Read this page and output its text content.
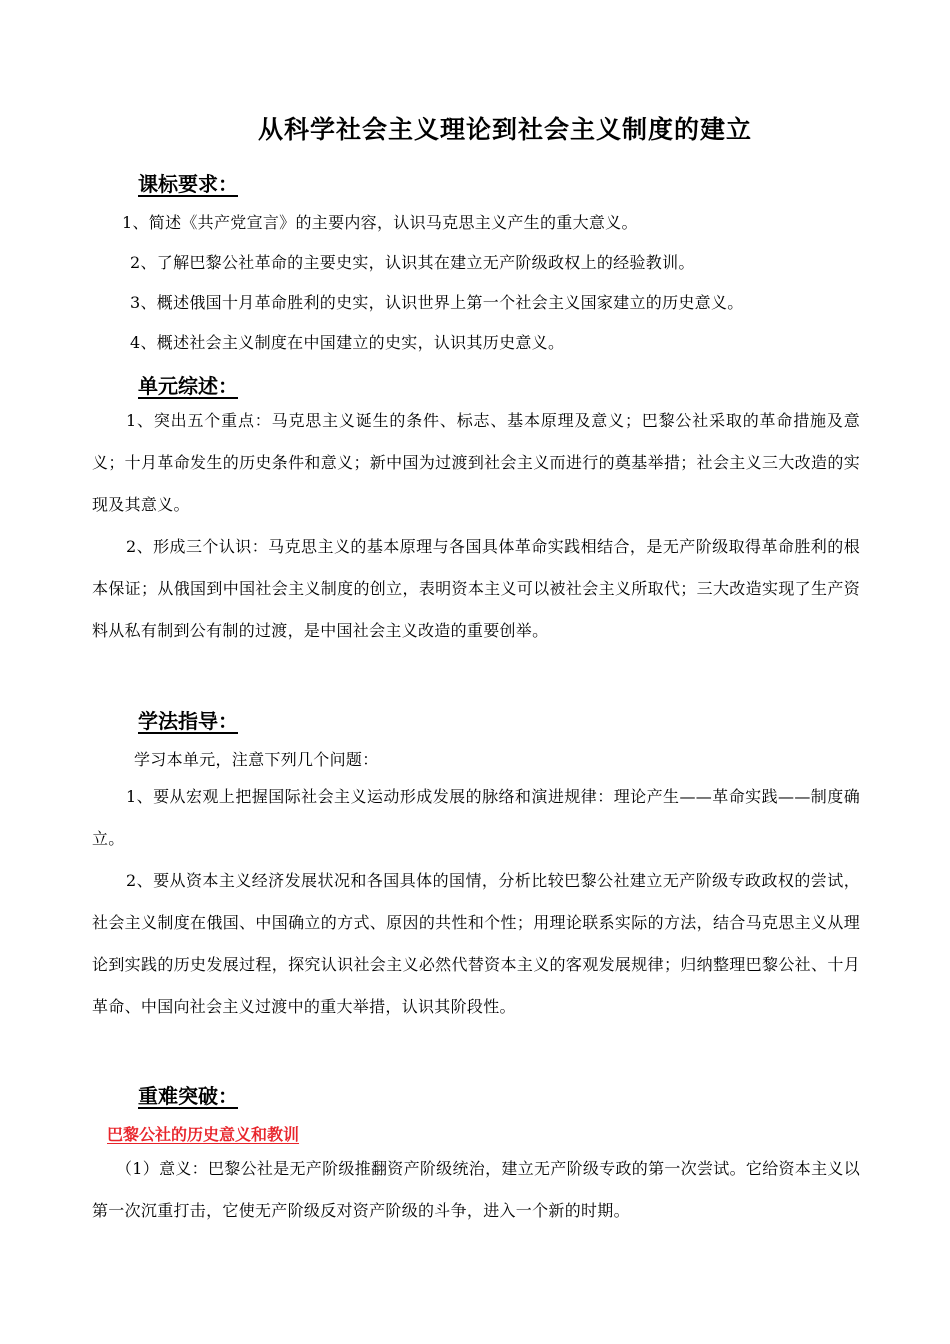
从科学社会主义理论到社会主义制度的建立
课标要求：
1、简述《共产党宣言》的主要内容，认识马克思主义产生的重大意义。
2、了解巴黎公社革命的主要史实，认识其在建立无产阶级政权上的经验教训。
3、概述俄国十月革命胜利的史实，认识世界上第一个社会主义国家建立的历史意义。
4、概述社会主义制度在中国建立的史实，认识其历史意义。
单元综述：
1、突出五个重点：马克思主义诞生的条件、标志、基本原理及意义；巴黎公社采取的革命措施及意义；十月革命发生的历史条件和意义；新中国为过渡到社会主义而进行的奠基举措；社会主义三大改造的实现及其意义。
2、形成三个认识：马克思主义的基本原理与各国具体革命实践相结合，是无产阶级取得革命胜利的根本保证；从俄国到中国社会主义制度的创立，表明资本主义可以被社会主义所取代；三大改造实现了生产资料从私有制到公有制的过渡，是中国社会主义改造的重要创举。
学法指导：
学习本单元，注意下列几个问题：
1、要从宏观上把握国际社会主义运动形成发展的脉络和演进规律：理论产生——革命实践——制度确立。
2、要从资本主义经济发展状况和各国具体的国情，分析比较巴黎公社建立无产阶级专政政权的尝试，社会主义制度在俄国、中国确立的方式、原因的共性和个性；用理论联系实际的方法，结合马克思主义从理论到实践的历史发展过程，探究认识社会主义必然代替资本主义的客观发展规律；归纳整理巴黎公社、十月革命、中国向社会主义过渡中的重大举措，认识其阶段性。
重难突破：
巴黎公社的历史意义和教训
（1）意义：巴黎公社是无产阶级推翻资产阶级统治，建立无产阶级专政的第一次尝试。它给资本主义以第一次沉重打击，它使无产阶级反对资产阶级的斗争，进入一个新的时期。
